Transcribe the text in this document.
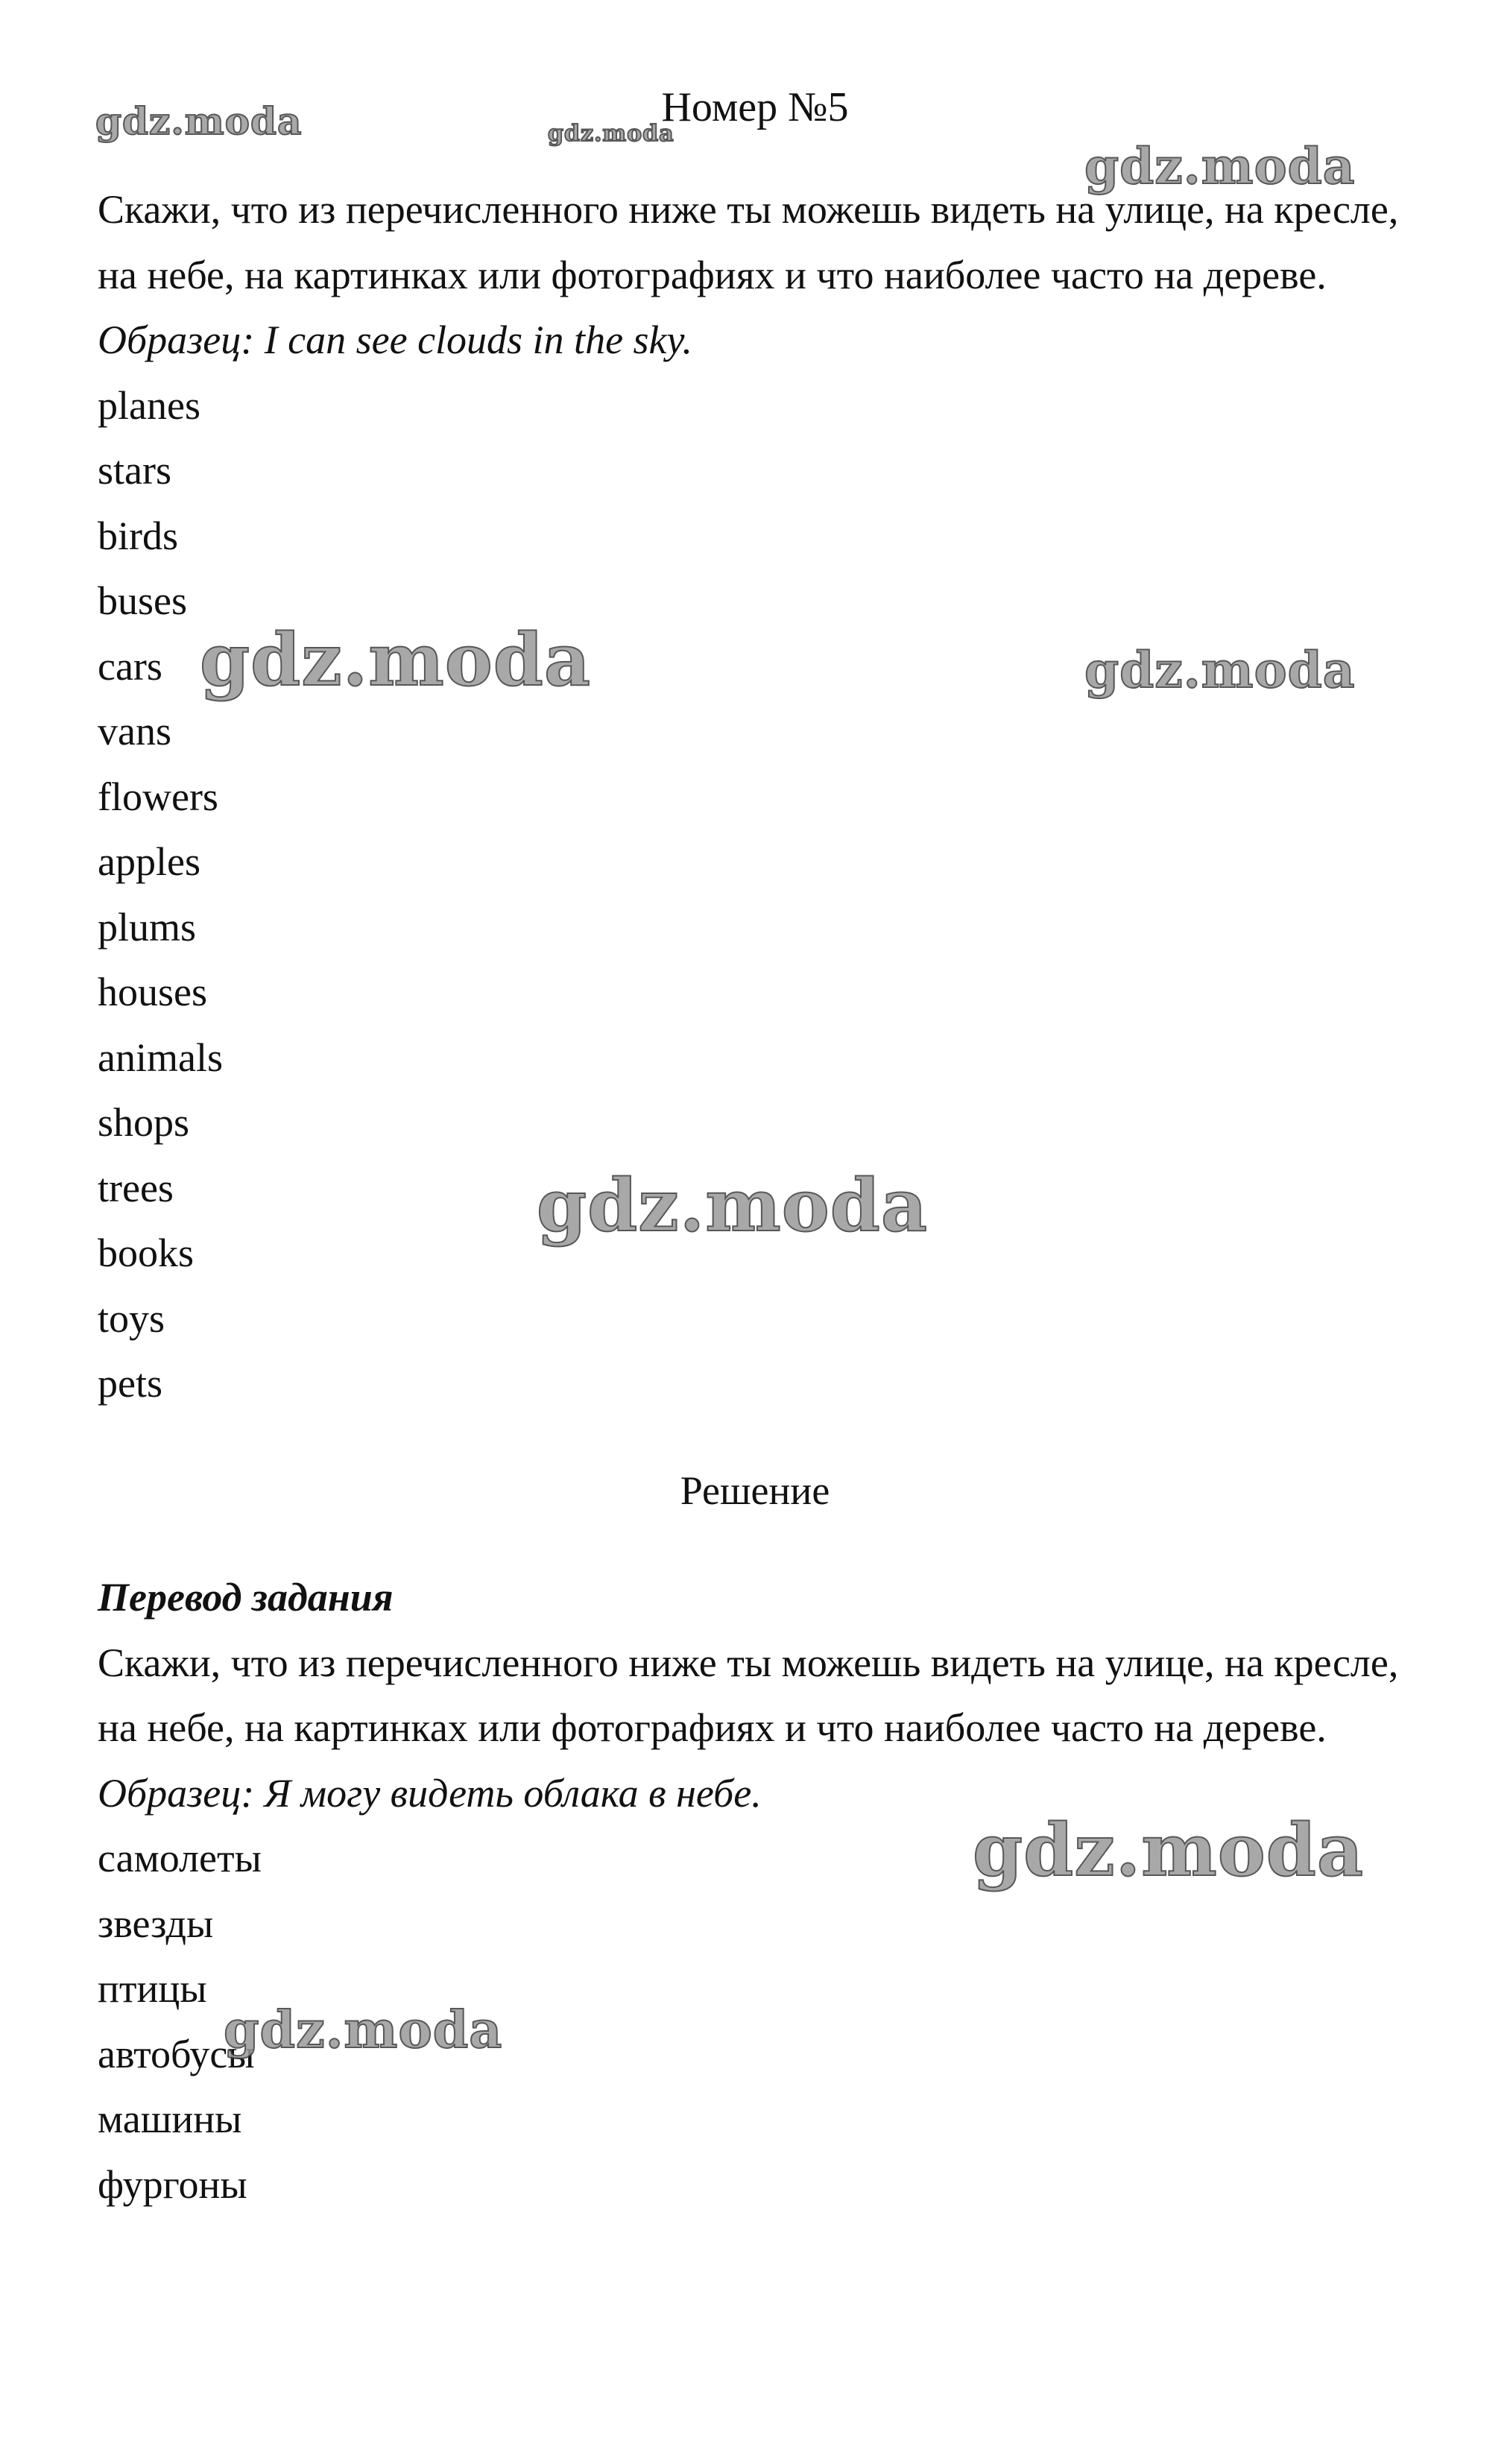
Номер №5

Скажи, что из перечисленного ниже ты можешь видеть на улице, на кресле, на небе, на картинках или фотографиях и что наиболее часто на дереве.

Образец: I can see clouds in the sky.

planes
stars
birds
buses
cars
vans
flowers
apples
plums
houses
animals
shops
trees
books
toys
pets
Решение

Перевод задания

Скажи, что из перечисленного ниже ты можешь видеть на улице, на кресле, на небе, на картинках или фотографиях и что наиболее часто на дереве.

Образец: Я могу видеть облака в небе.

самолеты
звезды
птицы
автобусы
машины
фургоны
gdz.moda	gdz.moda
gdz.moda
gdz.moda	gdz.moda
gdz.moda
gdz.moda
gdz.moda
